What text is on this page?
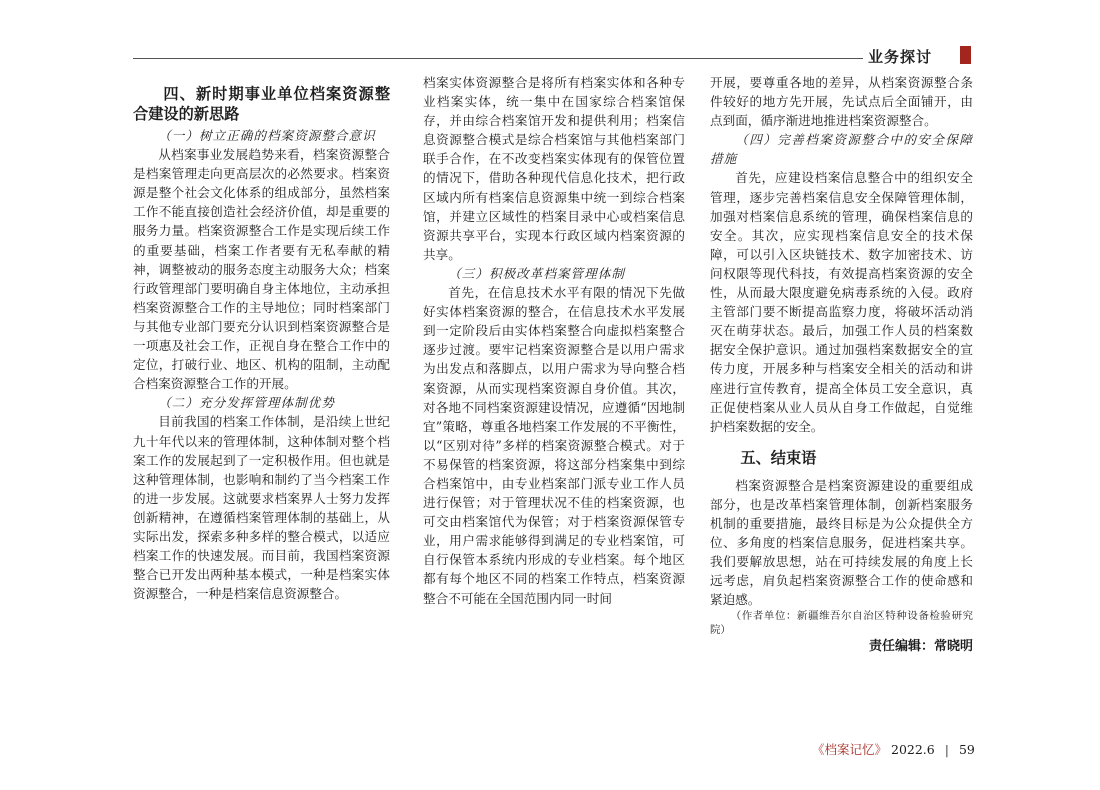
业务探讨
四、新时期事业单位档案资源整合建设的新思路

（一）树立正确的档案资源整合意识

从档案事业发展趋势来看，档案资源整合是档案管理走向更高层次的必然要求。档案资源是整个社会文化体系的组成部分，虽然档案工作不能直接创造社会经济价值，却是重要的服务力量。档案资源整合工作是实现后续工作的重要基础，档案工作者要有无私奉献的精神，调整被动的服务态度主动服务大众；档案行政管理部门要明确自身主体地位，主动承担档案资源整合工作的主导地位；同时档案部门与其他专业部门要充分认识到档案资源整合是一项惠及社会工作，正视自身在整合工作中的定位，打破行业、地区、机构的阻制，主动配合档案资源整合工作的开展。

（二）充分发挥管理体制优势

目前我国的档案工作体制，是沿续上世纪九十年代以来的管理体制，这种体制对整个档案工作的发展起到了一定积极作用。但也就是这种管理体制，也影响和制约了当今档案工作的进一步发展。这就要求档案界人士努力发挥创新精神，在遵循档案管理体制的基础上，从实际出发，探索多种多样的整合模式，以适应档案工作的快速发展。而目前，我国档案资源整合已开发出两种基本模式，一种是档案实体资源整合，一种是档案信息资源整合。

档案实体资源整合是将所有档案实体和各种专业档案实体，统一集中在国家综合档案馆保存，并由综合档案馆开发和提供利用；档案信息资源整合模式是综合档案馆与其他档案部门联手合作，在不改变档案实体现有的保管位置的情况下，借助各种现代信息化技术，把行政区域内所有档案信息资源集中统一到综合档案馆，并建立区域性的档案目录中心或档案信息资源共享平台，实现本行政区域内档案资源的共享。

（三）积极改革档案管理体制

首先，在信息技术水平有限的情况下先做好实体档案资源的整合，在信息技术水平发展到一定阶段后由实体档案整合向虚拟档案整合逐步过渡。要牢记档案资源整合是以用户需求为出发点和落脚点，以用户需求为导向整合档案资源，从而实现档案资源自身价值。其次，对各地不同档案资源建设情况，应遵循“因地制宜”策略，尊重各地档案工作发展的不平衡性，以“区别对待”多样的档案资源整合模式。对于不易保管的档案资源，将这部分档案集中到综合档案馆中，由专业档案部门派专业工作人员进行保管；对于管理状况不佳的档案资源，也可交由档案馆代为保管；对于档案资源保管专业，用户需求能够得到满足的专业档案馆，可自行保管本系统内形成的专业档案。每个地区都有每个地区不同的档案工作特点，档案资源整合不可能在全国范围内同一时间

开展，要尊重各地的差异，从档案资源整合条件较好的地方先开展，先试点后全面铺开，由点到面，循序渐进地推进档案资源整合。

（四）完善档案资源整合中的安全保障措施

首先，应建设档案信息整合中的组织安全管理，逐步完善档案信息安全保障管理体制，加强对档案信息系统的管理，确保档案信息的安全。其次，应实现档案信息安全的技术保障，可以引入区块链技术、数字加密技术、访问权限等现代科技，有效提高档案资源的安全性，从而最大限度避免病毒系统的入侵。政府主管部门要不断提高监察力度，将破坏活动消灭在萌芽状态。最后，加强工作人员的档案数据安全保护意识。通过加强档案数据安全的宣传力度，开展多种与档案安全相关的活动和讲座进行宣传教育，提高全体员工安全意识，真正促使档案从业人员从自身工作做起，自觉维护档案数据的安全。

五、结束语

档案资源整合是档案资源建设的重要组成部分，也是改革档案管理体制，创新档案服务机制的重要措施，最终目标是为公众提供全方位、多角度的档案信息服务，促进档案共享。我们要解放思想，站在可持续发展的角度上长远考虑，肩负起档案资源整合工作的使命感和紧迫感。

（作者单位：新疆维吾尔自治区特种设备检验研究院）

责任编辑：常晓明

《档案记忆》 2022.6 | 59
